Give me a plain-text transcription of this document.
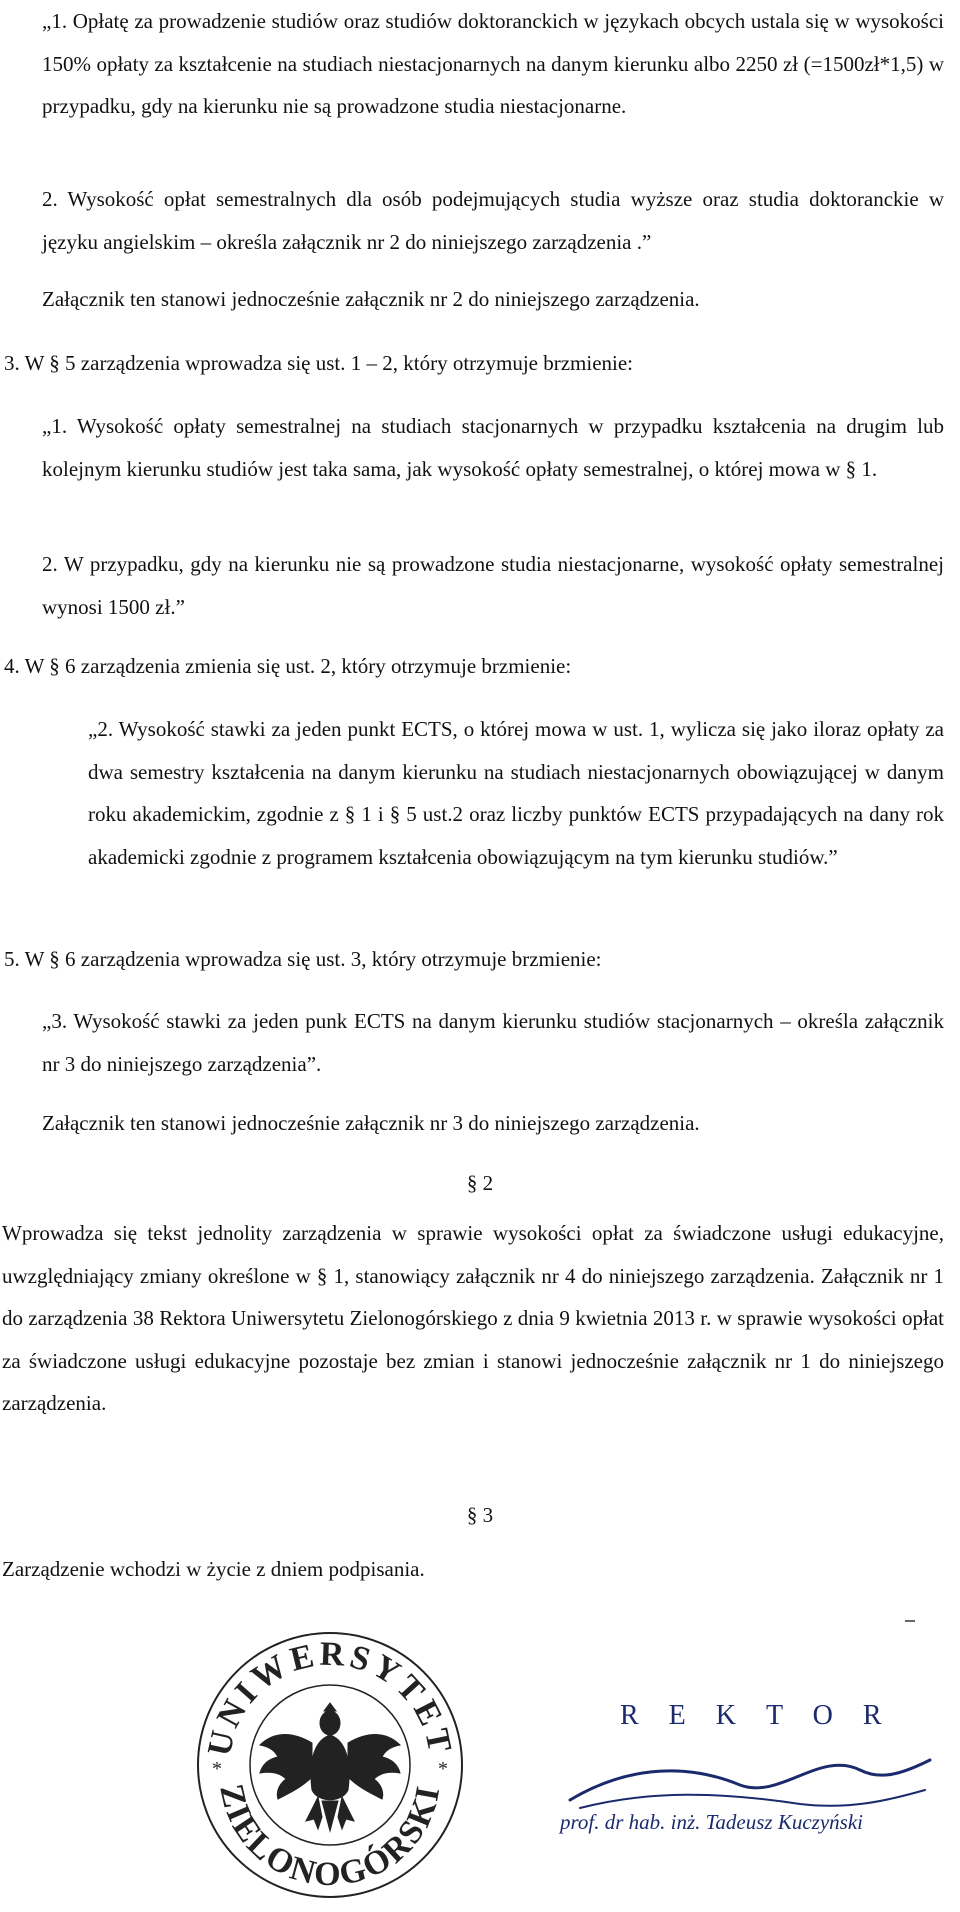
„1. Opłatę za prowadzenie studiów oraz studiów doktoranckich w językach obcych ustala się w wysokości 150% opłaty za kształcenie na studiach niestacjonarnych na danym kierunku albo 2250 zł (=1500zł*1,5) w przypadku, gdy na kierunku nie są prowadzone studia niestacjonarne.

2. Wysokość opłat semestralnych dla osób podejmujących studia wyższe oraz studia doktoranckie w języku angielskim – określa załącznik nr 2 do niniejszego zarządzenia .”

Załącznik ten stanowi jednocześnie załącznik nr 2 do niniejszego zarządzenia.

3. W § 5 zarządzenia wprowadza się ust. 1 – 2, który otrzymuje brzmienie:

„1. Wysokość opłaty semestralnej na studiach stacjonarnych w przypadku kształcenia na drugim lub kolejnym kierunku studiów jest taka sama, jak wysokość opłaty semestralnej, o której mowa w § 1.

2. W przypadku, gdy na kierunku nie są prowadzone studia niestacjonarne, wysokość opłaty semestralnej wynosi 1500 zł.”

4. W § 6 zarządzenia zmienia się ust. 2, który otrzymuje brzmienie:

„2. Wysokość stawki za jeden punkt ECTS, o której mowa w ust. 1, wylicza się jako iloraz opłaty za dwa semestry kształcenia na danym kierunku na studiach niestacjonarnych obowiązującej w danym roku akademickim, zgodnie z § 1 i § 5 ust.2 oraz liczby punktów ECTS przypadających na dany rok akademicki zgodnie z programem kształcenia obowiązującym na tym kierunku studiów.”

5. W § 6 zarządzenia wprowadza się ust. 3, który otrzymuje brzmienie:

„3. Wysokość stawki za jeden punk ECTS na danym kierunku studiów stacjonarnych – określa załącznik nr 3 do niniejszego zarządzenia”.

Załącznik ten stanowi jednocześnie załącznik nr 3 do niniejszego zarządzenia.

§ 2

Wprowadza się tekst jednolity zarządzenia w sprawie wysokości opłat za świadczone usługi edukacyjne, uwzględniający zmiany określone w § 1, stanowiący załącznik nr 4 do niniejszego zarządzenia. Załącznik nr 1 do zarządzenia 38 Rektora Uniwersytetu Zielonogórskiego z dnia 9 kwietnia 2013 r. w sprawie wysokości opłat za świadczone usługi edukacyjne pozostaje bez zmian i stanowi jednocześnie załącznik nr 1 do niniejszego zarządzenia.

§ 3

Zarządzenie wchodzi w życie z dniem podpisania.

UNIWERSYTET
ZIELONOGÓRSKI
*	*
REKTOR
prof. dr hab. inż. Tadeusz Kuczyński
